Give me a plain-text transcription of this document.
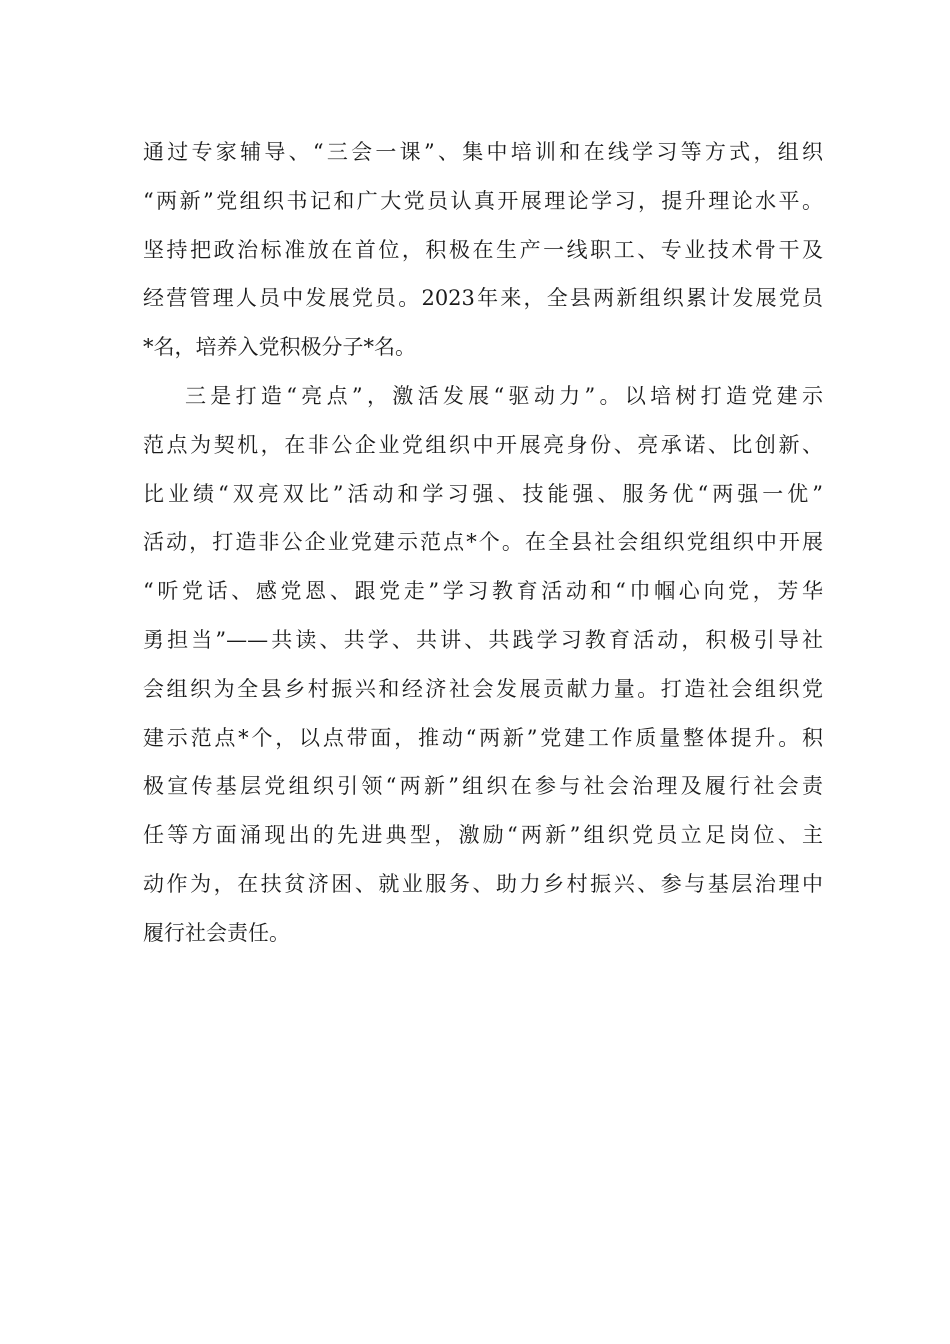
通过专家辅导、“三会一课”、集中培训和在线学习等方式，组织
“两新”党组织书记和广大党员认真开展理论学习，提升理论水平。
坚持把政治标准放在首位，积极在生产一线职工、专业技术骨干及
经营管理人员中发展党员。2023年来，全县两新组织累计发展党员
*名，培养入党积极分子*名。
三是打造“亮点”，激活发展“驱动力”。以培树打造党建示
范点为契机，在非公企业党组织中开展亮身份、亮承诺、比创新、
比业绩“双亮双比”活动和学习强、技能强、服务优“两强一优”
活动，打造非公企业党建示范点*个。在全县社会组织党组织中开展
“听党话、感党恩、跟党走”学习教育活动和“巾帼心向党，芳华
勇担当”——共读、共学、共讲、共践学习教育活动，积极引导社
会组织为全县乡村振兴和经济社会发展贡献力量。打造社会组织党
建示范点*个，以点带面，推动“两新”党建工作质量整体提升。积
极宣传基层党组织引领“两新”组织在参与社会治理及履行社会责
任等方面涌现出的先进典型，激励“两新”组织党员立足岗位、主
动作为，在扶贫济困、就业服务、助力乡村振兴、参与基层治理中
履行社会责任。
